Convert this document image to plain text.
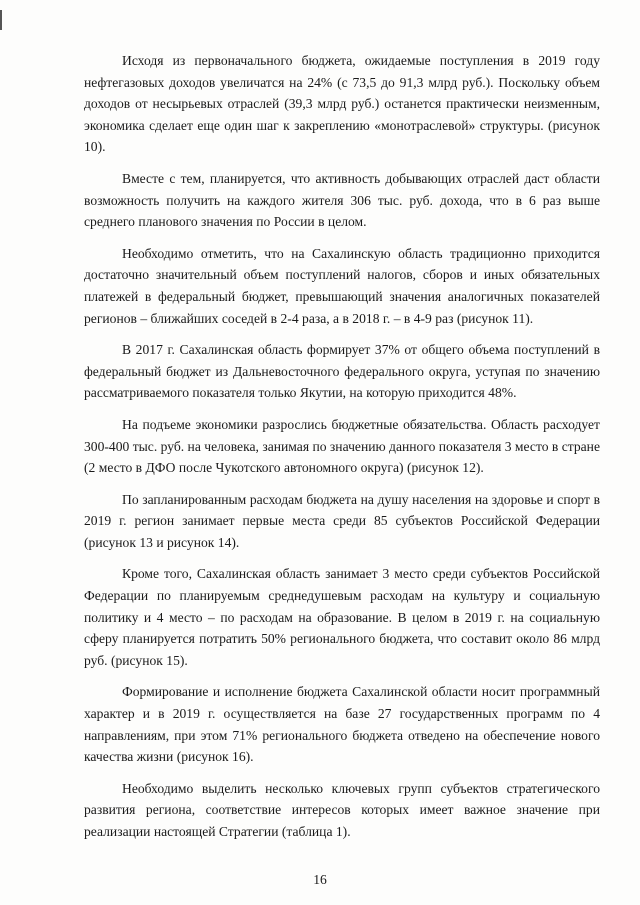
Исходя из первоначального бюджета, ожидаемые поступления в 2019 году нефтегазовых доходов увеличатся на 24% (с 73,5 до 91,3 млрд руб.). Поскольку объем доходов от несырьевых отраслей (39,3 млрд руб.) останется практически неизменным, экономика сделает еще один шаг к закреплению «монотраслевой» структуры. (рисунок 10).

Вместе с тем, планируется, что активность добывающих отраслей даст области возможность получить на каждого жителя 306 тыс. руб. дохода, что в 6 раз выше среднего планового значения по России в целом.

Необходимо отметить, что на Сахалинскую область традиционно приходится достаточно значительный объем поступлений налогов, сборов и иных обязательных платежей в федеральный бюджет, превышающий значения аналогичных показателей регионов – ближайших соседей в 2-4 раза, а в 2018 г. – в 4-9 раз (рисунок 11).

В 2017 г. Сахалинская область формирует 37% от общего объема поступлений в федеральный бюджет из Дальневосточного федерального округа, уступая по значению рассматриваемого показателя только Якутии, на которую приходится 48%.

На подъеме экономики разрослись бюджетные обязательства. Область расходует 300-400 тыс. руб. на человека, занимая по значению данного показателя 3 место в стране (2 место в ДФО после Чукотского автономного округа) (рисунок 12).

По запланированным расходам бюджета на душу населения на здоровье и спорт в 2019 г. регион занимает первые места среди 85 субъектов Российской Федерации (рисунок 13 и рисунок 14).

Кроме того, Сахалинская область занимает 3 место среди субъектов Российской Федерации по планируемым среднедушевым расходам на культуру и социальную политику и 4 место – по расходам на образование. В целом в 2019 г. на социальную сферу планируется потратить 50% регионального бюджета, что составит около 86 млрд руб. (рисунок 15).

Формирование и исполнение бюджета Сахалинской области носит программный характер и в 2019 г. осуществляется на базе 27 государственных программ по 4 направлениям, при этом 71% регионального бюджета отведено на обеспечение нового качества жизни (рисунок 16).

Необходимо выделить несколько ключевых групп субъектов стратегического развития региона, соответствие интересов которых имеет важное значение при реализации настоящей Стратегии (таблица 1).

16
